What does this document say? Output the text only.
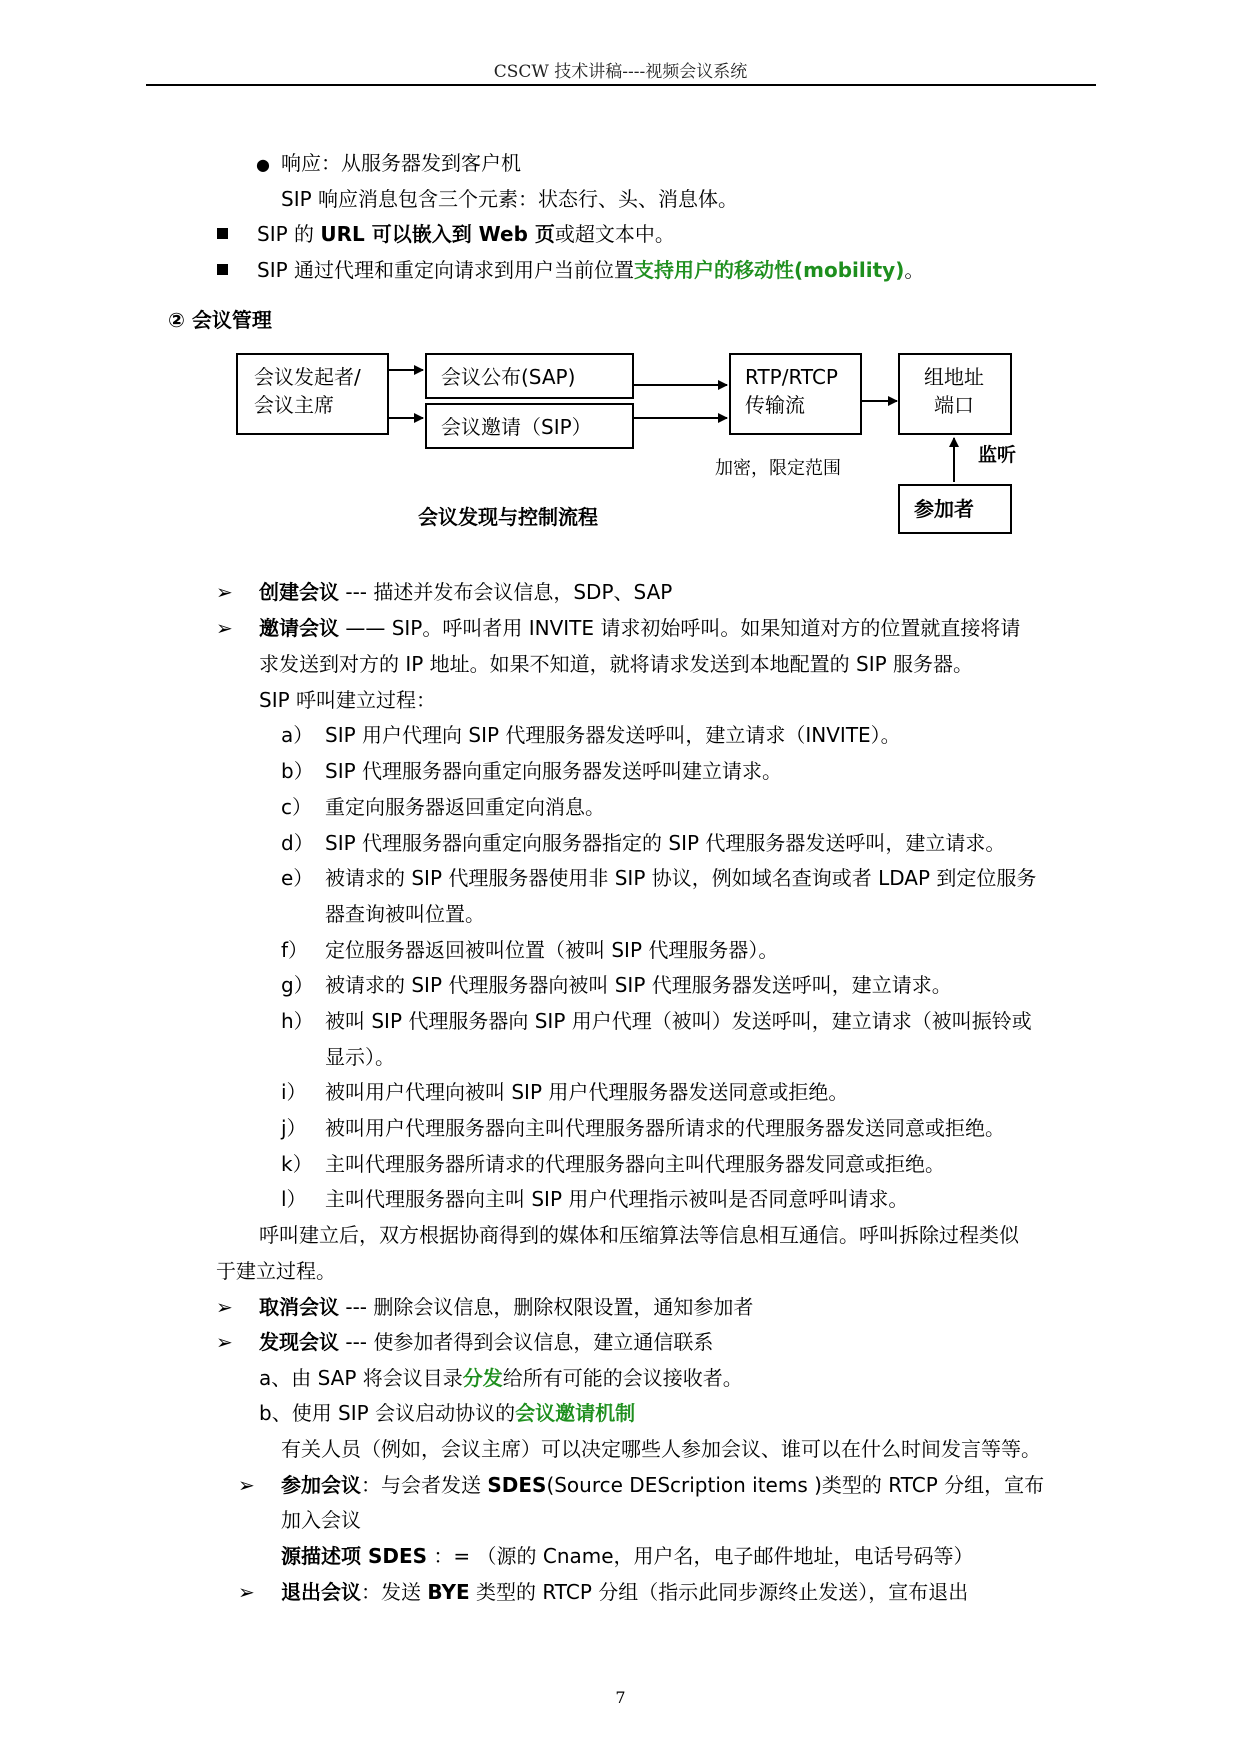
CSCW 技术讲稿----视频会议系统
● 响应：从服务器发到客户机
SIP 响应消息包含三个元素：状态行、头、消息体。
SIP 的 URL 可以嵌入到 Web 页或超文本中。
SIP 通过代理和重定向请求到用户当前位置支持用户的移动性(mobility)。
② 会议管理
会议发起者/
会议主席
会议公布(SAP)
会议邀请（SIP）
RTP/RTCP
传输流
组地址
端口
监听
加密，限定范围
参加者
会议发现与控制流程
➢ 创建会议 --- 描述并发布会议信息，SDP、SAP
➢ 邀请会议 —— SIP。呼叫者用 INVITE 请求初始呼叫。如果知道对方的位置就直接将请
求发送到对方的 IP 地址。如果不知道，就将请求发送到本地配置的 SIP 服务器。
SIP 呼叫建立过程：
a） SIP 用户代理向 SIP 代理服务器发送呼叫，建立请求（INVITE）。
b） SIP 代理服务器向重定向服务器发送呼叫建立请求。
c） 重定向服务器返回重定向消息。
d） SIP 代理服务器向重定向服务器指定的 SIP 代理服务器发送呼叫，建立请求。
e） 被请求的 SIP 代理服务器使用非 SIP 协议，例如域名查询或者 LDAP 到定位服务
器查询被叫位置。
f） 定位服务器返回被叫位置（被叫 SIP 代理服务器）。
g） 被请求的 SIP 代理服务器向被叫 SIP 代理服务器发送呼叫，建立请求。
h） 被叫 SIP 代理服务器向 SIP 用户代理（被叫）发送呼叫，建立请求（被叫振铃或
显示）。
i） 被叫用户代理向被叫 SIP 用户代理服务器发送同意或拒绝。
j） 被叫用户代理服务器向主叫代理服务器所请求的代理服务器发送同意或拒绝。
k） 主叫代理服务器所请求的代理服务器向主叫代理服务器发同意或拒绝。
l） 主叫代理服务器向主叫 SIP 用户代理指示被叫是否同意呼叫请求。
呼叫建立后，双方根据协商得到的媒体和压缩算法等信息相互通信。呼叫拆除过程类似
于建立过程。
➢ 取消会议 --- 删除会议信息，删除权限设置，通知参加者
➢ 发现会议 --- 使参加者得到会议信息，建立通信联系
a、由 SAP 将会议目录分发给所有可能的会议接收者。
b、使用 SIP 会议启动协议的会议邀请机制
有关人员（例如，会议主席）可以决定哪些人参加会议、谁可以在什么时间发言等等。
➢ 参加会议：与会者发送 SDES(Source DEScription items )类型的 RTCP 分组，宣布
加入会议
源描述项 SDES ：= （源的 Cname，用户名，电子邮件地址，电话号码等）
➢ 退出会议：发送 BYE 类型的 RTCP 分组（指示此同步源终止发送），宣布退出
7
